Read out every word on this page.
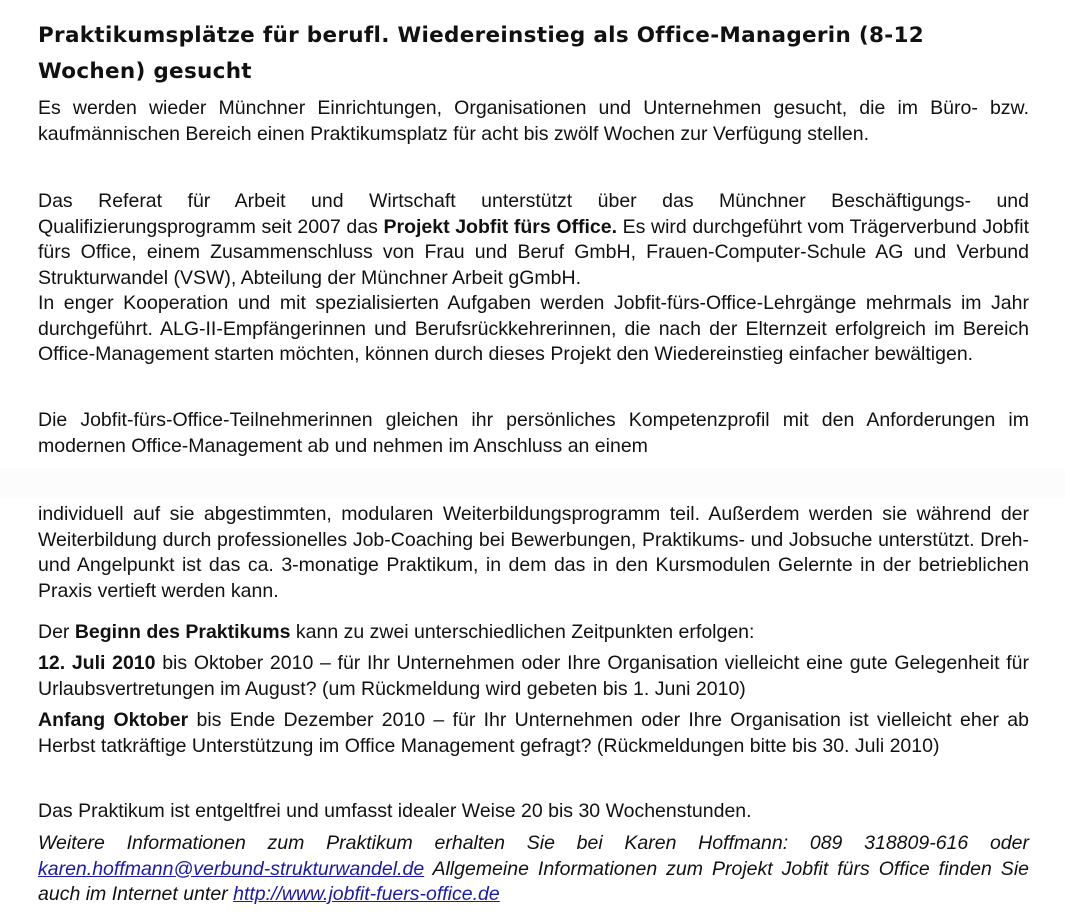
Praktikumsplätze für berufl. Wiedereinstieg als Office-Managerin (8-12 Wochen) gesucht

Es werden wieder Münchner Einrichtungen, Organisationen und Unternehmen gesucht, die im Büro- bzw. kaufmännischen Bereich einen Praktikumsplatz für acht bis zwölf Wochen zur Verfügung stellen.

Das Referat für Arbeit und Wirtschaft unterstützt über das Münchner Beschäftigungs- und Qualifizierungsprogramm seit 2007 das Projekt Jobfit fürs Office. Es wird durchgeführt vom Trägerverbund Jobfit fürs Office, einem Zusammenschluss von Frau und Beruf GmbH, Frauen-Computer-Schule AG und Verbund Strukturwandel (VSW), Abteilung der Münchner Arbeit gGmbH.

In enger Kooperation und mit spezialisierten Aufgaben werden Jobfit-fürs-Office-Lehrgänge mehrmals im Jahr durchgeführt. ALG-II-Empfängerinnen und Berufsrückkehrerinnen, die nach der Elternzeit erfolgreich im Bereich Office-Management starten möchten, können durch dieses Projekt den Wiedereinstieg einfacher bewältigen.

Die Jobfit-fürs-Office-Teilnehmerinnen gleichen ihr persönliches Kompetenzprofil mit den Anforderungen im modernen Office-Management ab und nehmen im Anschluss an einem

individuell auf sie abgestimmten, modularen Weiterbildungsprogramm teil. Außerdem werden sie während der Weiterbildung durch professionelles Job-Coaching bei Bewerbungen, Praktikums- und Jobsuche unterstützt. Dreh- und Angelpunkt ist das ca. 3-monatige Praktikum, in dem das in den Kursmodulen Gelernte in der betrieblichen Praxis vertieft werden kann.

Der Beginn des Praktikums kann zu zwei unterschiedlichen Zeitpunkten erfolgen:

12. Juli 2010 bis Oktober 2010 – für Ihr Unternehmen oder Ihre Organisation vielleicht eine gute Gelegenheit für Urlaubsvertretungen im August? (um Rückmeldung wird gebeten bis 1. Juni 2010)

Anfang Oktober bis Ende Dezember 2010 – für Ihr Unternehmen oder Ihre Organisation ist vielleicht eher ab Herbst tatkräftige Unterstützung im Office Management gefragt? (Rückmeldungen bitte bis 30. Juli 2010)

Das Praktikum ist entgeltfrei und umfasst idealer Weise 20 bis 30 Wochenstunden.

Weitere Informationen zum Praktikum erhalten Sie bei Karen Hoffmann: 089 318809-616 oder karen.hoffmann@verbund-strukturwandel.de Allgemeine Informationen zum Projekt Jobfit fürs Office finden Sie auch im Internet unter http://www.jobfit-fuers-office.de
